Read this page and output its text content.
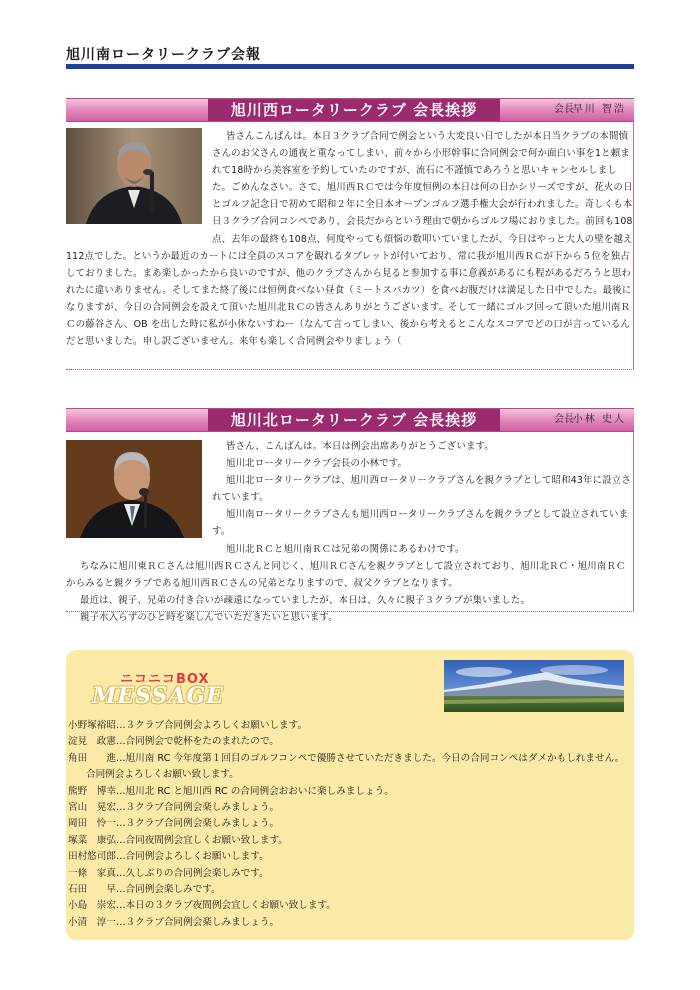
旭川南ロータリークラブ会報
旭川西ロータリークラブ 会長挨拶	会長
早川 智浩

皆さんこんばんは。本日３クラブ合同で例会という大変良い日でしたが本日当クラブの本間慎さんのお父さんの通夜と重なってしまい、前々から小形幹事に合同例会で何か面白い事を1と頼まれて18時から美容室を予約していたのですが、流石に不謹慎であろうと思いキャンセルしました。ごめんなさい。さて、旭川西ＲＣでは今年度恒例の本日は何の日かシリーズですが、花火の日とゴルフ記念日で初めて昭和２年に全日本オープンゴルフ選手権大会が行われました。奇しくも本日３クラブ合同コンペであり、会長だからという理由で朝からゴルフ場におりました。前回も108点、去年の最終も108点、何度やっても煩悩の数叩いていましたが、今日はやっと大人の壁を越え112点でした。というか最近のカートには全員のスコアを観れるタブレットが付いており、常に我が旭川西ＲＣが下から５位を独占しておりました。まあ楽しかったから良いのですが、他のクラブさんから見ると参加する事に意義があるにも程があるだろうと思われたに違いありません。そしてまた終了後には恒例食べない昼食（ミートスパカツ）を食べお腹だけは満足した日中でした。最後になりますが、今日の合同例会を設えて頂いた旭川北ＲＣの皆さんありがとうございます。そして一緒にゴルフ回って頂いた旭川南ＲＣの藤谷さん、OB を出した時に私が小休ないすねー（なんて言ってしまい、後から考えるとこんなスコアでどの口が言っているんだと思いました。申し訳ございません。来年も楽しく合同例会やりましょう（

旭川北ロータリークラブ 会長挨拶	会長
小林 史人

皆さん、こんばんは。本日は例会出席ありがとうございます。

旭川北ロータリークラブ会長の小林です。

旭川北ロータリークラブは、旭川西ロータリークラブさんを親クラブとして昭和43年に設立されています。

旭川南ロータリークラブさんも旭川西ロータリークラブさんを親クラブとして設立されています。

旭川北ＲＣと旭川南ＲＣは兄弟の関係にあるわけです。

ちなみに旭川東ＲＣさんは旭川西ＲＣさんと同じく、旭川ＲＣさんを親クラブとして設立されており、旭川北ＲＣ・旭川南ＲＣからみると親クラブである旭川西ＲＣさんの兄弟となりますので、叔父クラブとなります。

最近は、親子、兄弟の付き合いが疎遠になっていましたが、本日は、久々に親子３クラブが集いました。

親子水入らずのひと時を楽しんでいただきたいと思います。

ニコニコBOX
MESSAGE
小野塚裕昭…３クラブ合同例会よろしくお願いします。
淀見　政憲…合同例会で乾杯をたのまれたので。
角田　　進…旭川南 RC 今年度第１回目のゴルフコンペで優勝させていただきました。今日の合同コンペはダメかもしれません。合同例会よろしくお願い致します。
熊野　博幸…旭川北 RC と旭川西 RC の合同例会おおいに楽しみましょう。
宮山　晃宏…３クラブ合同例会楽しみましょう。
岡田　怜一…３クラブ合同例会楽しみましょう。
塚菜　康弘…合同夜間例会宜しくお願い致します。
田村悠司郎…合同例会よろしくお願いします。
一條　家真…久しぶりの合同例会楽しみです。
石田　　早…合同例会楽しみです。
小島　崇宏…本日の３クラブ夜間例会宜しくお願い致します。
小清　淳一…３クラブ合同例会楽しみましょう。
